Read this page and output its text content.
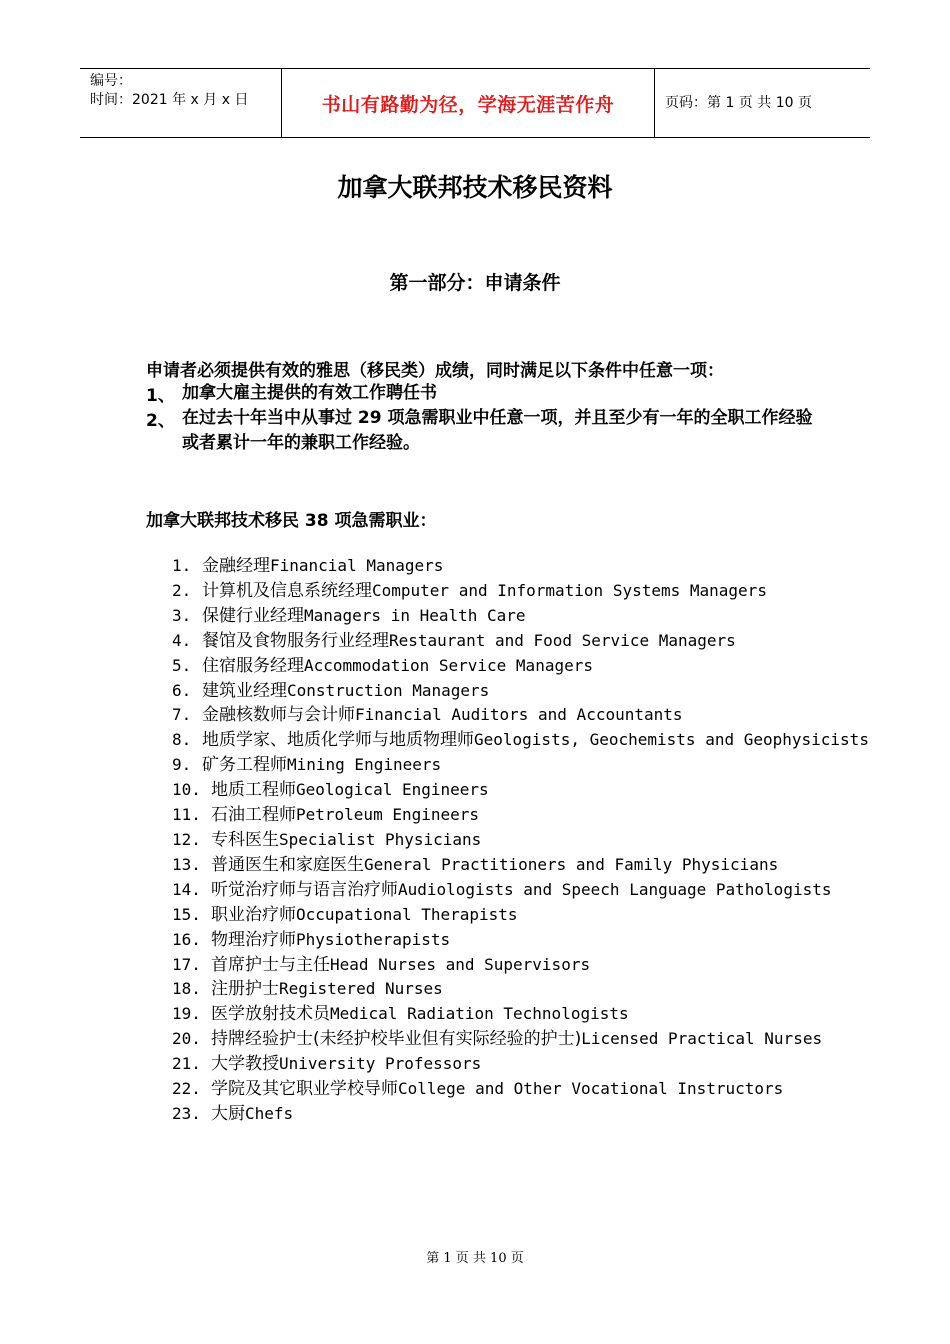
编号：
时间：2021 年 x 月 x 日	书山有路勤为径，学海无涯苦作舟	页码：第 1 页 共 10 页
加拿大联邦技术移民资料
第一部分：申请条件
申请者必须提供有效的雅思（移民类）成绩，同时满足以下条件中任意一项：
1、 加拿大雇主提供的有效工作聘任书
2、 在过去十年当中从事过 29 项急需职业中任意一项，并且至少有一年的全职工作经验或者累计一年的兼职工作经验。
加拿大联邦技术移民 38 项急需职业：
1. 金融经理Financial Managers
2. 计算机及信息系统经理Computer and Information Systems Managers
3. 保健行业经理Managers in Health Care
4. 餐馆及食物服务行业经理Restaurant and Food Service Managers
5. 住宿服务经理Accommodation Service Managers
6. 建筑业经理Construction Managers
7. 金融核数师与会计师Financial Auditors and Accountants
8. 地质学家、地质化学师与地质物理师Geologists, Geochemists and Geophysicists
9. 矿务工程师Mining Engineers
10. 地质工程师Geological Engineers
11. 石油工程师Petroleum Engineers
12. 专科医生Specialist Physicians
13. 普通医生和家庭医生General Practitioners and Family Physicians
14. 听觉治疗师与语言治疗师Audiologists and Speech Language Pathologists
15. 职业治疗师Occupational Therapists
16. 物理治疗师Physiotherapists
17. 首席护士与主任Head Nurses and Supervisors
18. 注册护士Registered Nurses
19. 医学放射技术员Medical Radiation Technologists
20. 持牌经验护士(未经护校毕业但有实际经验的护士)Licensed Practical Nurses
21. 大学教授University Professors
22. 学院及其它职业学校导师College and Other Vocational Instructors
23. 大厨Chefs
第 1 页 共 10 页
